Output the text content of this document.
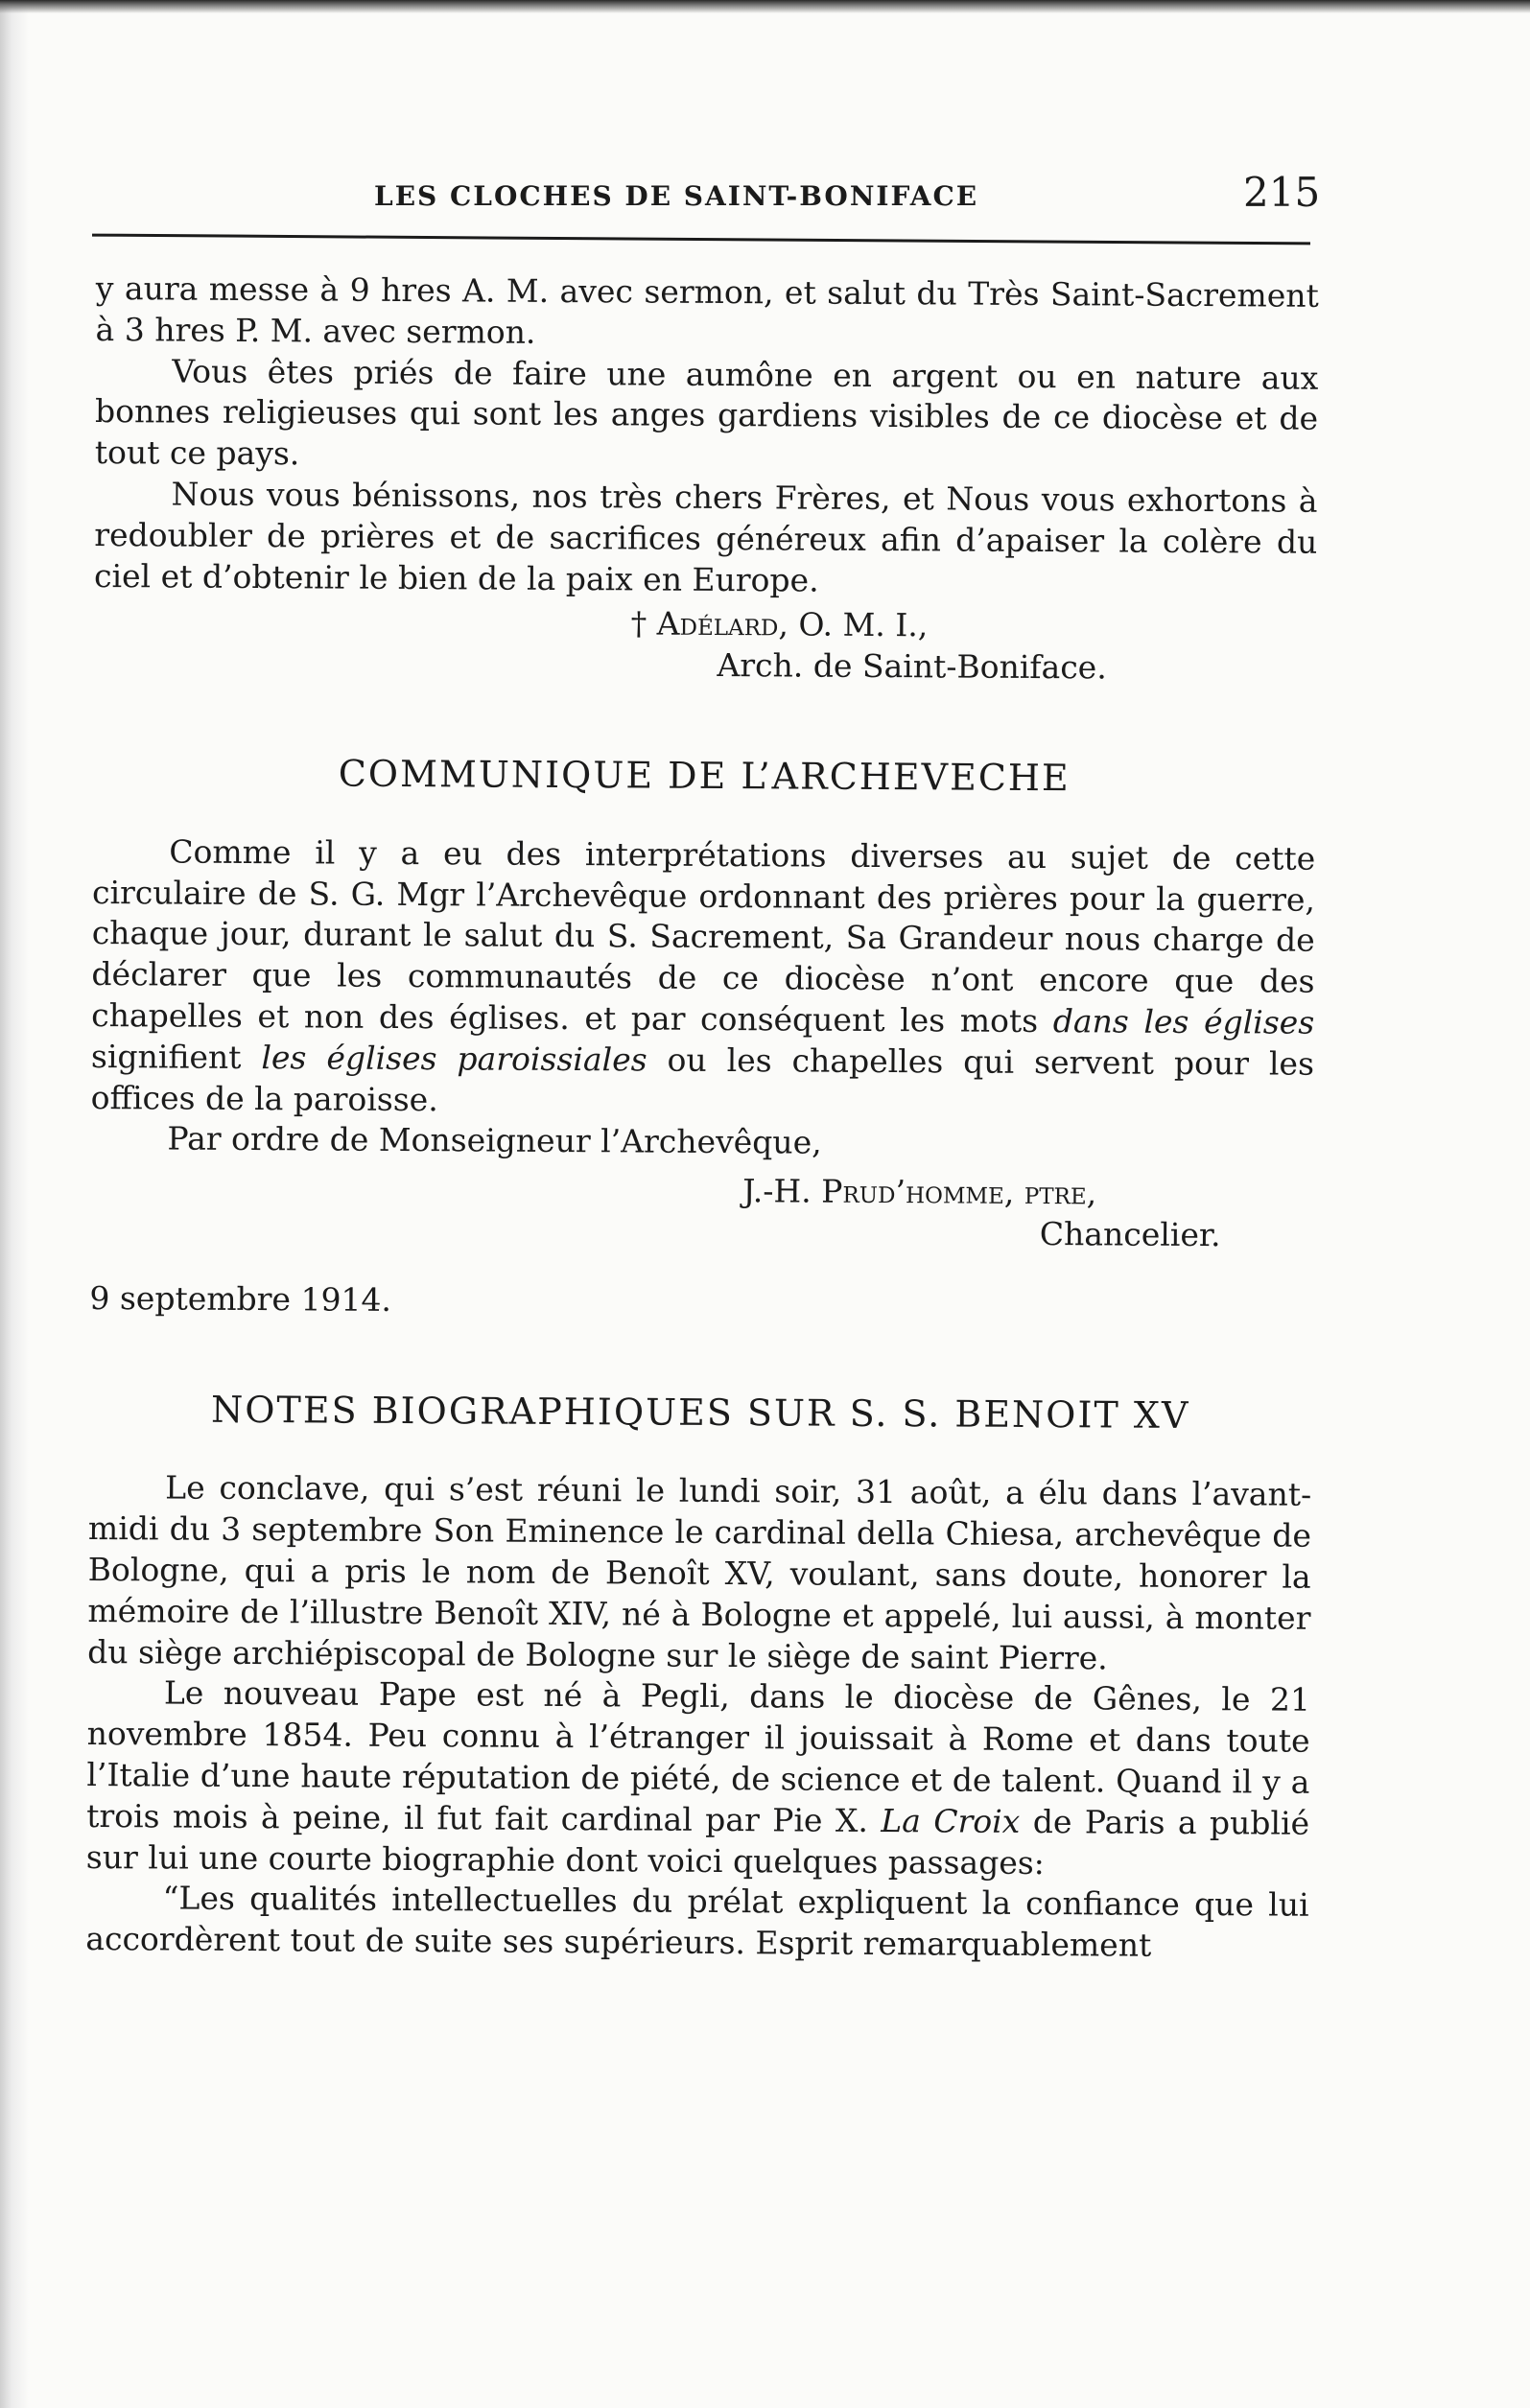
LES CLOCHES DE SAINT-BONIFACE	215

y aura messe à 9 hres A. M. avec sermon, et salut du Très Saint-Sacrement à 3 hres P. M. avec sermon.

Vous êtes priés de faire une aumône en argent ou en nature aux bonnes religieuses qui sont les anges gardiens visibles de ce diocèse et de tout ce pays.

Nous vous bénissons, nos très chers Frères, et Nous vous exhortons à redoubler de prières et de sacrifices généreux afin d’apaiser la colère du ciel et d’obtenir le bien de la paix en Europe.

† Adélard, O. M. I.,
Arch. de Saint-Boniface.
COMMUNIQUE DE L’ARCHEVECHE

Comme il y a eu des interprétations diverses au sujet de cette circulaire de S. G. Mgr l’Archevêque ordonnant des prières pour la guerre, chaque jour, durant le salut du S. Sacrement, Sa Grandeur nous charge de déclarer que les communautés de ce diocèse n’ont encore que des chapelles et non des églises. et par conséquent les mots dans les églises signifient les églises paroissiales ou les chapelles qui servent pour les offices de la paroisse.

Par ordre de Monseigneur l’Archevêque,

J.-H. Prud’homme, ptre,
Chancelier.
9 septembre 1914.
NOTES BIOGRAPHIQUES SUR S. S. BENOIT XV

Le conclave, qui s’est réuni le lundi soir, 31 août, a élu dans l’avant-midi du 3 septembre Son Eminence le cardinal della Chiesa, archevêque de Bologne, qui a pris le nom de Benoît XV, voulant, sans doute, honorer la mémoire de l’illustre Benoît XIV, né à Bologne et appelé, lui aussi, à monter du siège archiépiscopal de Bologne sur le siège de saint Pierre.

Le nouveau Pape est né à Pegli, dans le diocèse de Gênes, le 21 novembre 1854. Peu connu à l’étranger il jouissait à Rome et dans toute l’Italie d’une haute réputation de piété, de science et de talent. Quand il y a trois mois à peine, il fut fait cardinal par Pie X. La Croix de Paris a publié sur lui une courte biographie dont voici quelques passages:

“Les qualités intellectuelles du prélat expliquent la confiance que lui accordèrent tout de suite ses supérieurs. Esprit remarquablement
